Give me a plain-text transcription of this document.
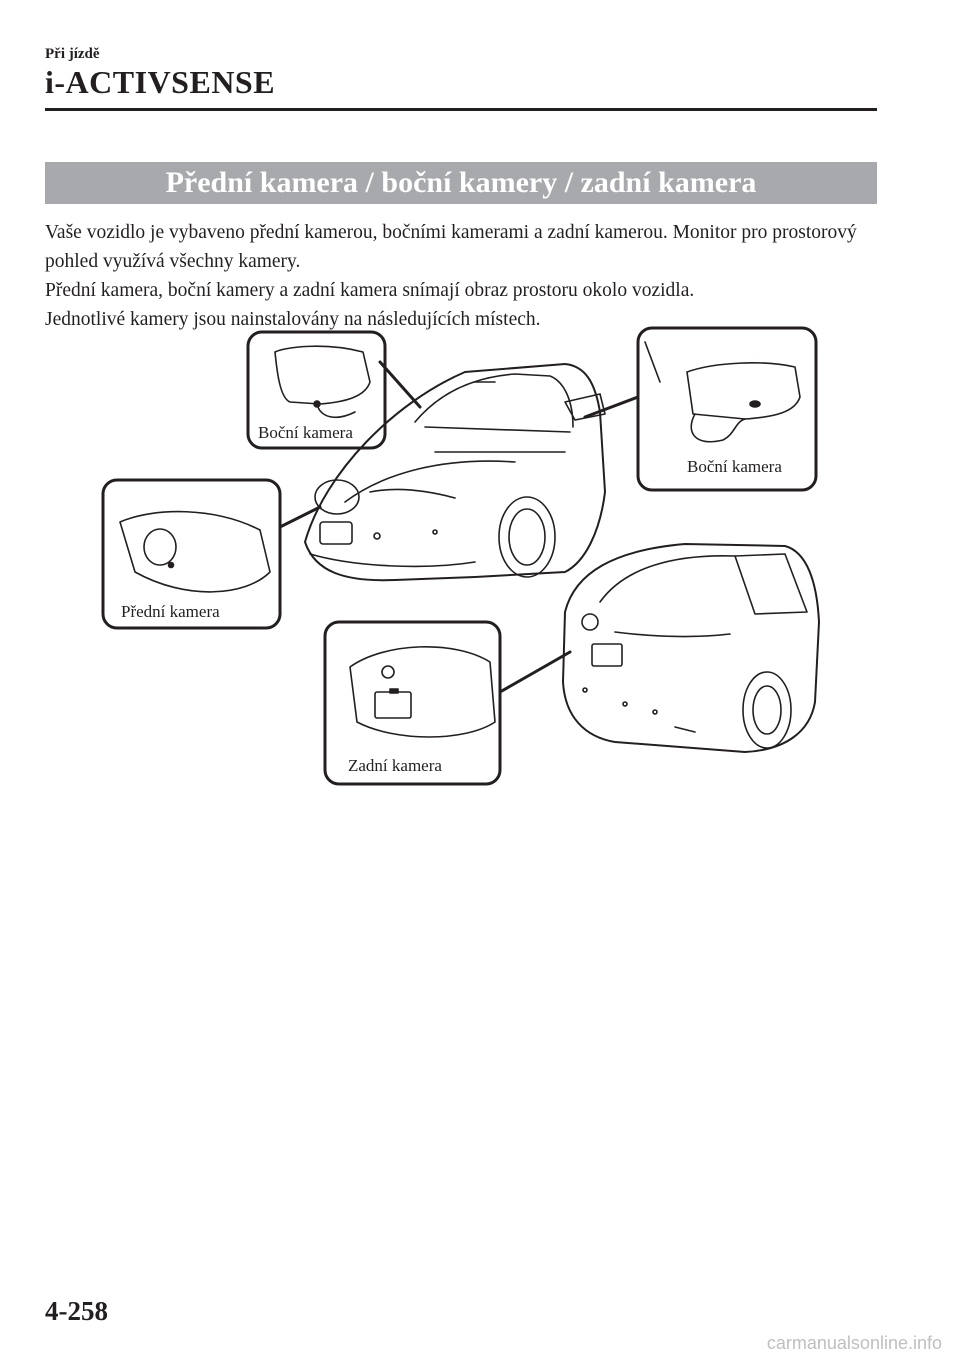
Při jízdě
i-ACTIVSENSE
Přední kamera / boční kamery / zadní kamera

Vaše vozidlo je vybaveno přední kamerou, bočními kamerami a zadní kamerou. Monitor pro prostorový pohled využívá všechny kamery.

Přední kamera, boční kamery a zadní kamera snímají obraz prostoru okolo vozidla.

Jednotlivé kamery jsou nainstalovány na následujících místech.

Boční kamera
Boční kamera
Přední kamera
Zadní kamera
4-258
carmanualsonline.info
